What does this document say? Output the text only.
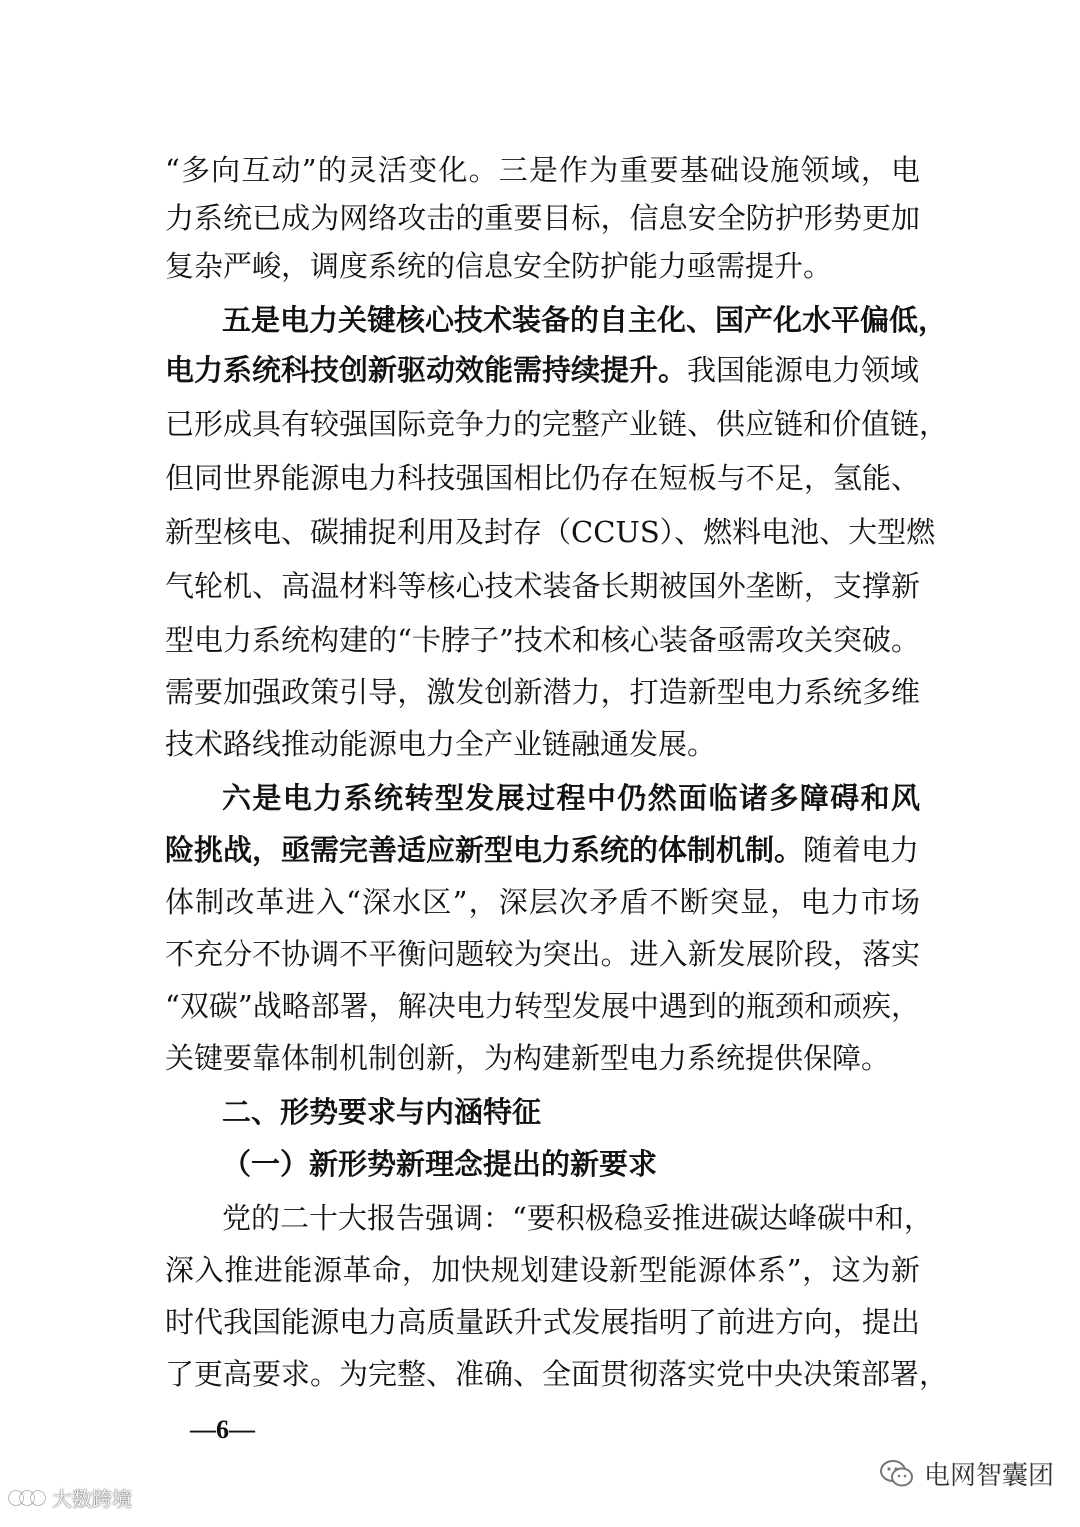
“多向互动”的灵活变化。三是作为重要基础设施领域，电
力系统已成为网络攻击的重要目标，信息安全防护形势更加
复杂严峻，调度系统的信息安全防护能力亟需提升。
五是电力关键核心技术装备的自主化、国产化水平偏低，
电力系统科技创新驱动效能需持续提升。我国能源电力领域
已形成具有较强国际竞争力的完整产业链、供应链和价值链，
但同世界能源电力科技强国相比仍存在短板与不足，氢能、
新型核电、碳捕捉利用及封存（CCUS）、燃料电池、大型燃
气轮机、高温材料等核心技术装备长期被国外垄断，支撑新
型电力系统构建的“卡脖子”技术和核心装备亟需攻关突破。
需要加强政策引导，激发创新潜力，打造新型电力系统多维
技术路线推动能源电力全产业链融通发展。
六是电力系统转型发展过程中仍然面临诸多障碍和风
险挑战，亟需完善适应新型电力系统的体制机制。随着电力
体制改革进入“深水区”，深层次矛盾不断突显，电力市场
不充分不协调不平衡问题较为突出。进入新发展阶段，落实
“双碳”战略部署，解决电力转型发展中遇到的瓶颈和顽疾，
关键要靠体制机制创新，为构建新型电力系统提供保障。
二、形势要求与内涵特征
（一）新形势新理念提出的新要求
党的二十大报告强调：“要积极稳妥推进碳达峰碳中和，
深入推进能源革命，加快规划建设新型能源体系”，这为新
时代我国能源电力高质量跃升式发展指明了前进方向，提出
了更高要求。为完整、准确、全面贯彻落实党中央决策部署，
—6—
电网智囊团
大数跨境
